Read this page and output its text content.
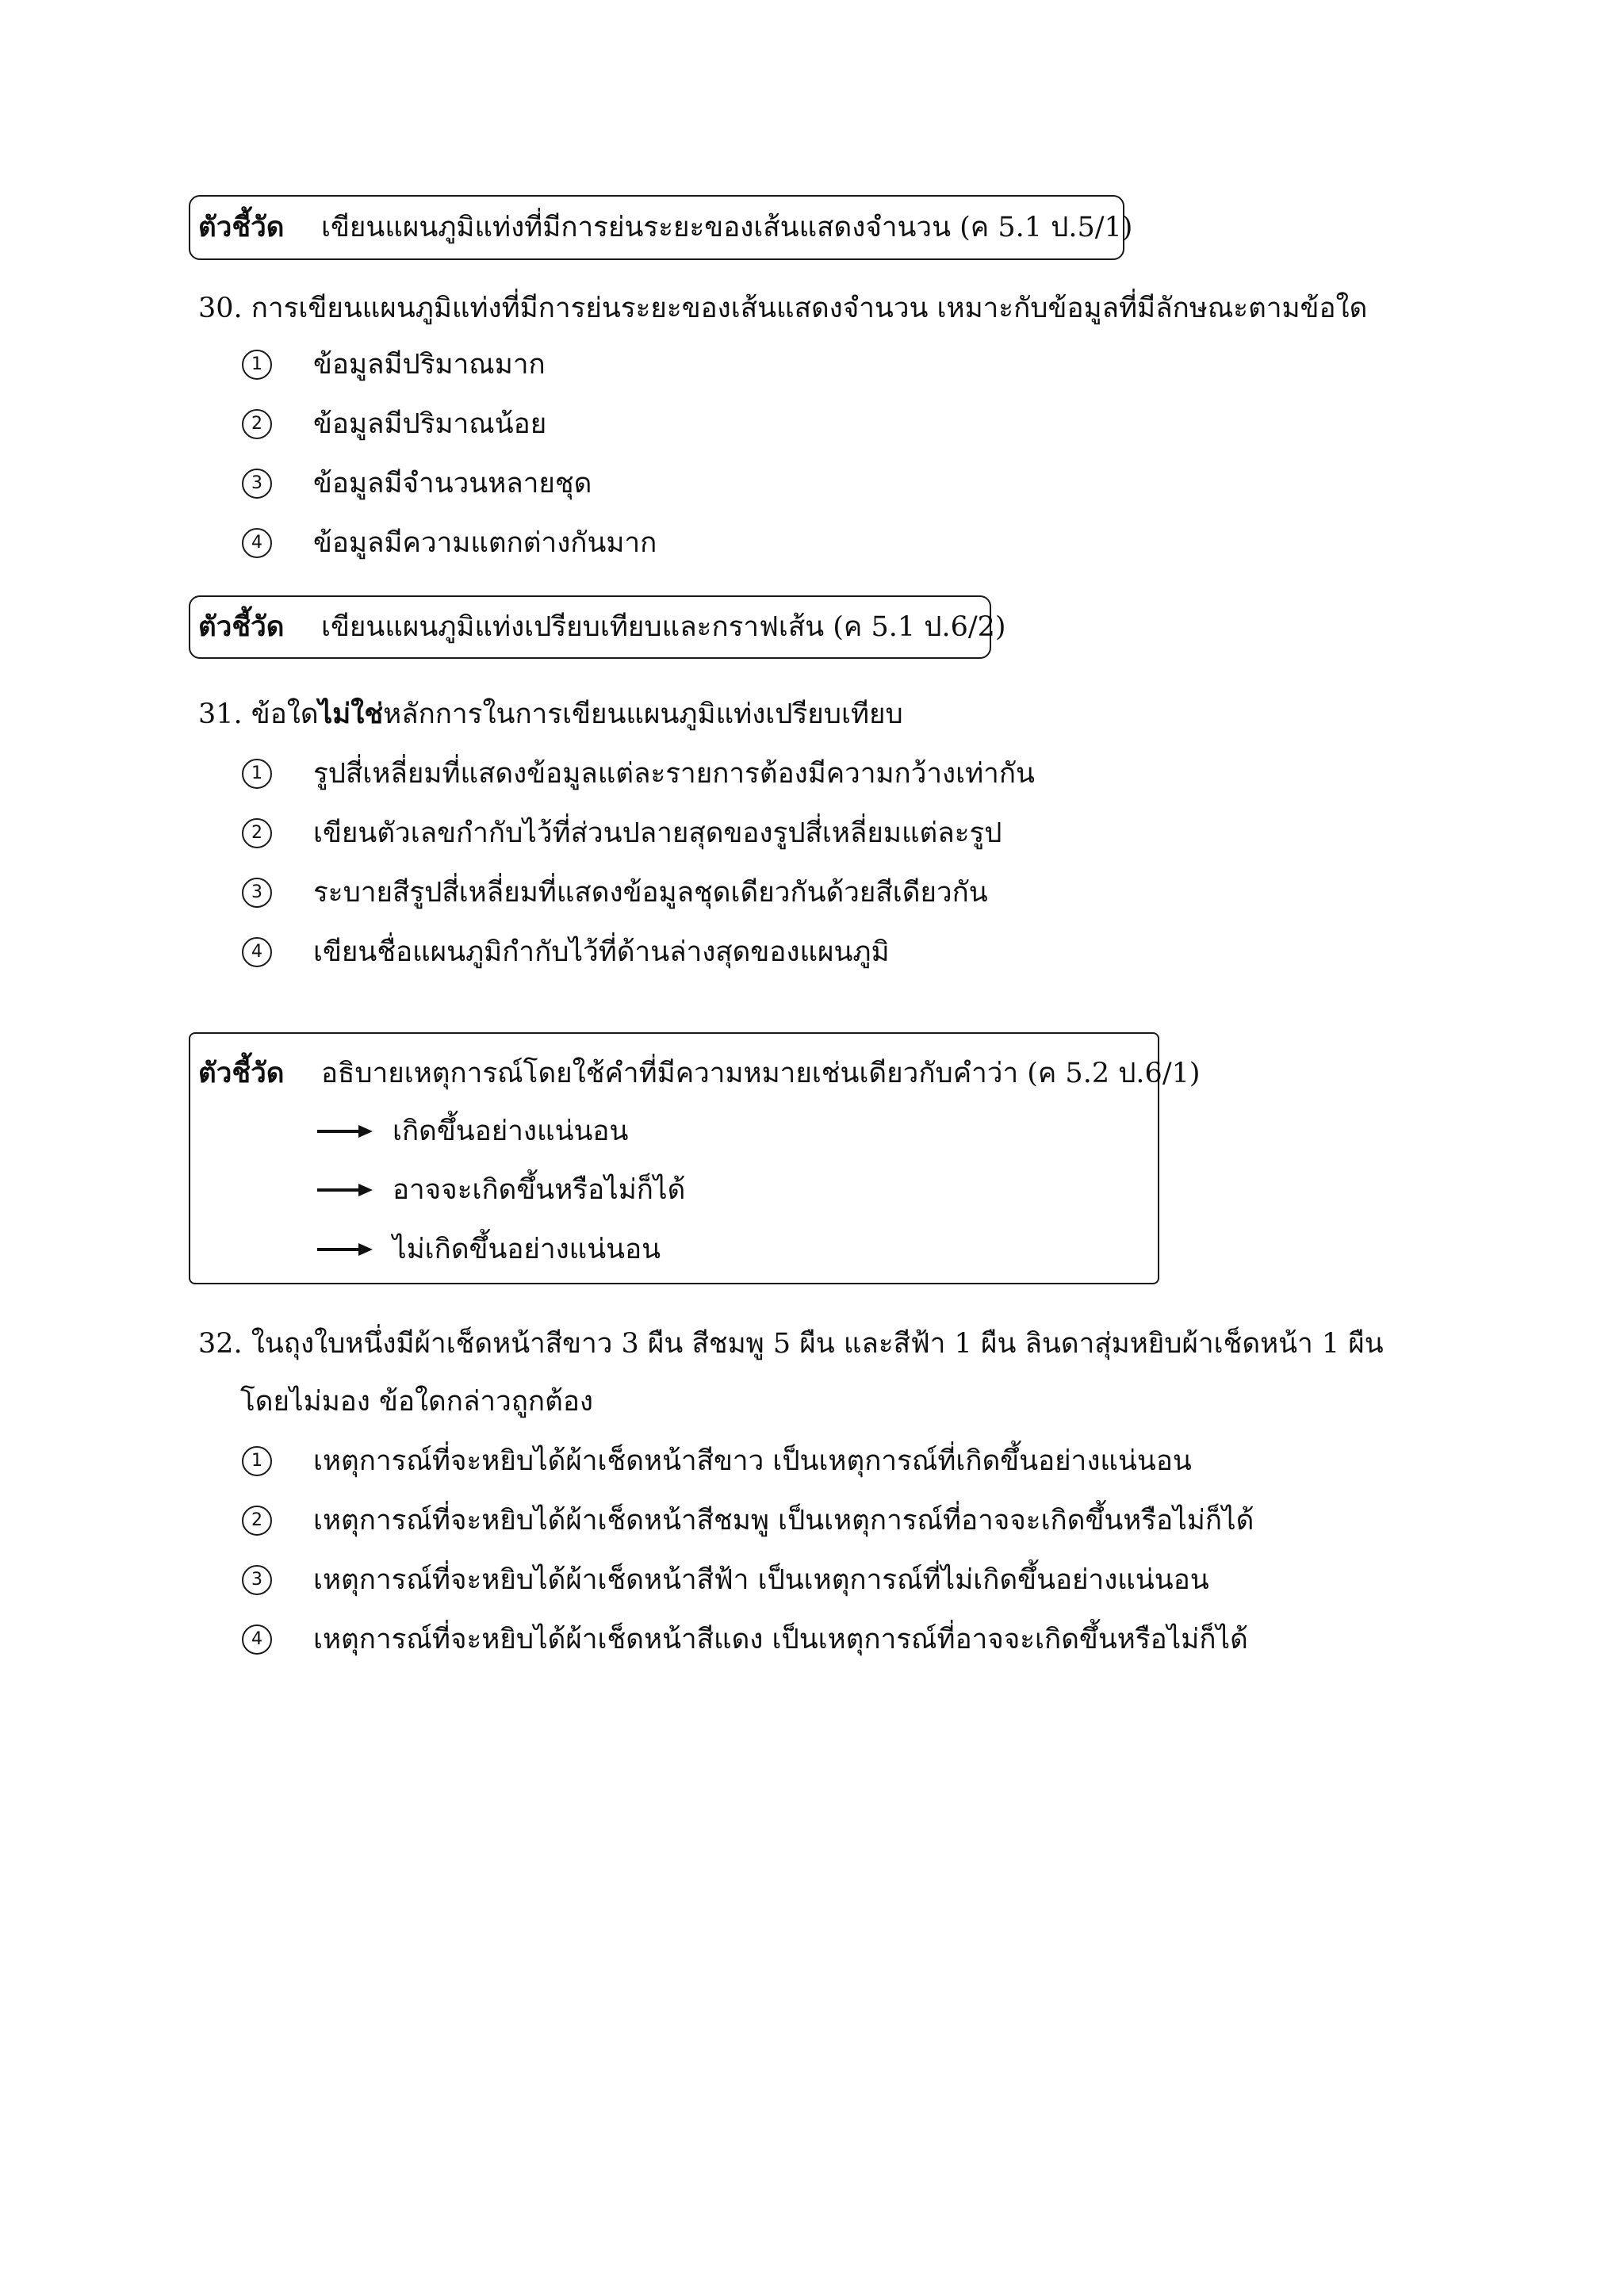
ตัวชี้วัด เขียนแผนภูมิแท่งที่มีการย่นระยะของเส้นแสดงจำนวน (ค 5.1 ป.5/1)
30. การเขียนแผนภูมิแท่งที่มีการย่นระยะของเส้นแสดงจำนวน เหมาะกับข้อมูลที่มีลักษณะตามข้อใด
1	ข้อมูลมีปริมาณมาก
2	ข้อมูลมีปริมาณน้อย
3	ข้อมูลมีจำนวนหลายชุด
4	ข้อมูลมีความแตกต่างกันมาก
ตัวชี้วัด เขียนแผนภูมิแท่งเปรียบเทียบและกราฟเส้น (ค 5.1 ป.6/2)
31. ข้อใดไม่ใช่หลักการในการเขียนแผนภูมิแท่งเปรียบเทียบ
1	รูปสี่เหลี่ยมที่แสดงข้อมูลแต่ละรายการต้องมีความกว้างเท่ากัน
2	เขียนตัวเลขกำกับไว้ที่ส่วนปลายสุดของรูปสี่เหลี่ยมแต่ละรูป
3	ระบายสีรูปสี่เหลี่ยมที่แสดงข้อมูลชุดเดียวกันด้วยสีเดียวกัน
4	เขียนชื่อแผนภูมิกำกับไว้ที่ด้านล่างสุดของแผนภูมิ
ตัวชี้วัด อธิบายเหตุการณ์โดยใช้คำที่มีความหมายเช่นเดียวกับคำว่า (ค 5.2 ป.6/1)
เกิดขึ้นอย่างแน่นอน
อาจจะเกิดขึ้นหรือไม่ก็ได้
ไม่เกิดขึ้นอย่างแน่นอน
32. ในถุงใบหนึ่งมีผ้าเช็ดหน้าสีขาว 3 ผืน สีชมพู 5 ผืน และสีฟ้า 1 ผืน ลินดาสุ่มหยิบผ้าเช็ดหน้า 1 ผืน
โดยไม่มอง ข้อใดกล่าวถูกต้อง
1	เหตุการณ์ที่จะหยิบได้ผ้าเช็ดหน้าสีขาว เป็นเหตุการณ์ที่เกิดขึ้นอย่างแน่นอน
2	เหตุการณ์ที่จะหยิบได้ผ้าเช็ดหน้าสีชมพู เป็นเหตุการณ์ที่อาจจะเกิดขึ้นหรือไม่ก็ได้
3	เหตุการณ์ที่จะหยิบได้ผ้าเช็ดหน้าสีฟ้า เป็นเหตุการณ์ที่ไม่เกิดขึ้นอย่างแน่นอน
4	เหตุการณ์ที่จะหยิบได้ผ้าเช็ดหน้าสีแดง เป็นเหตุการณ์ที่อาจจะเกิดขึ้นหรือไม่ก็ได้
